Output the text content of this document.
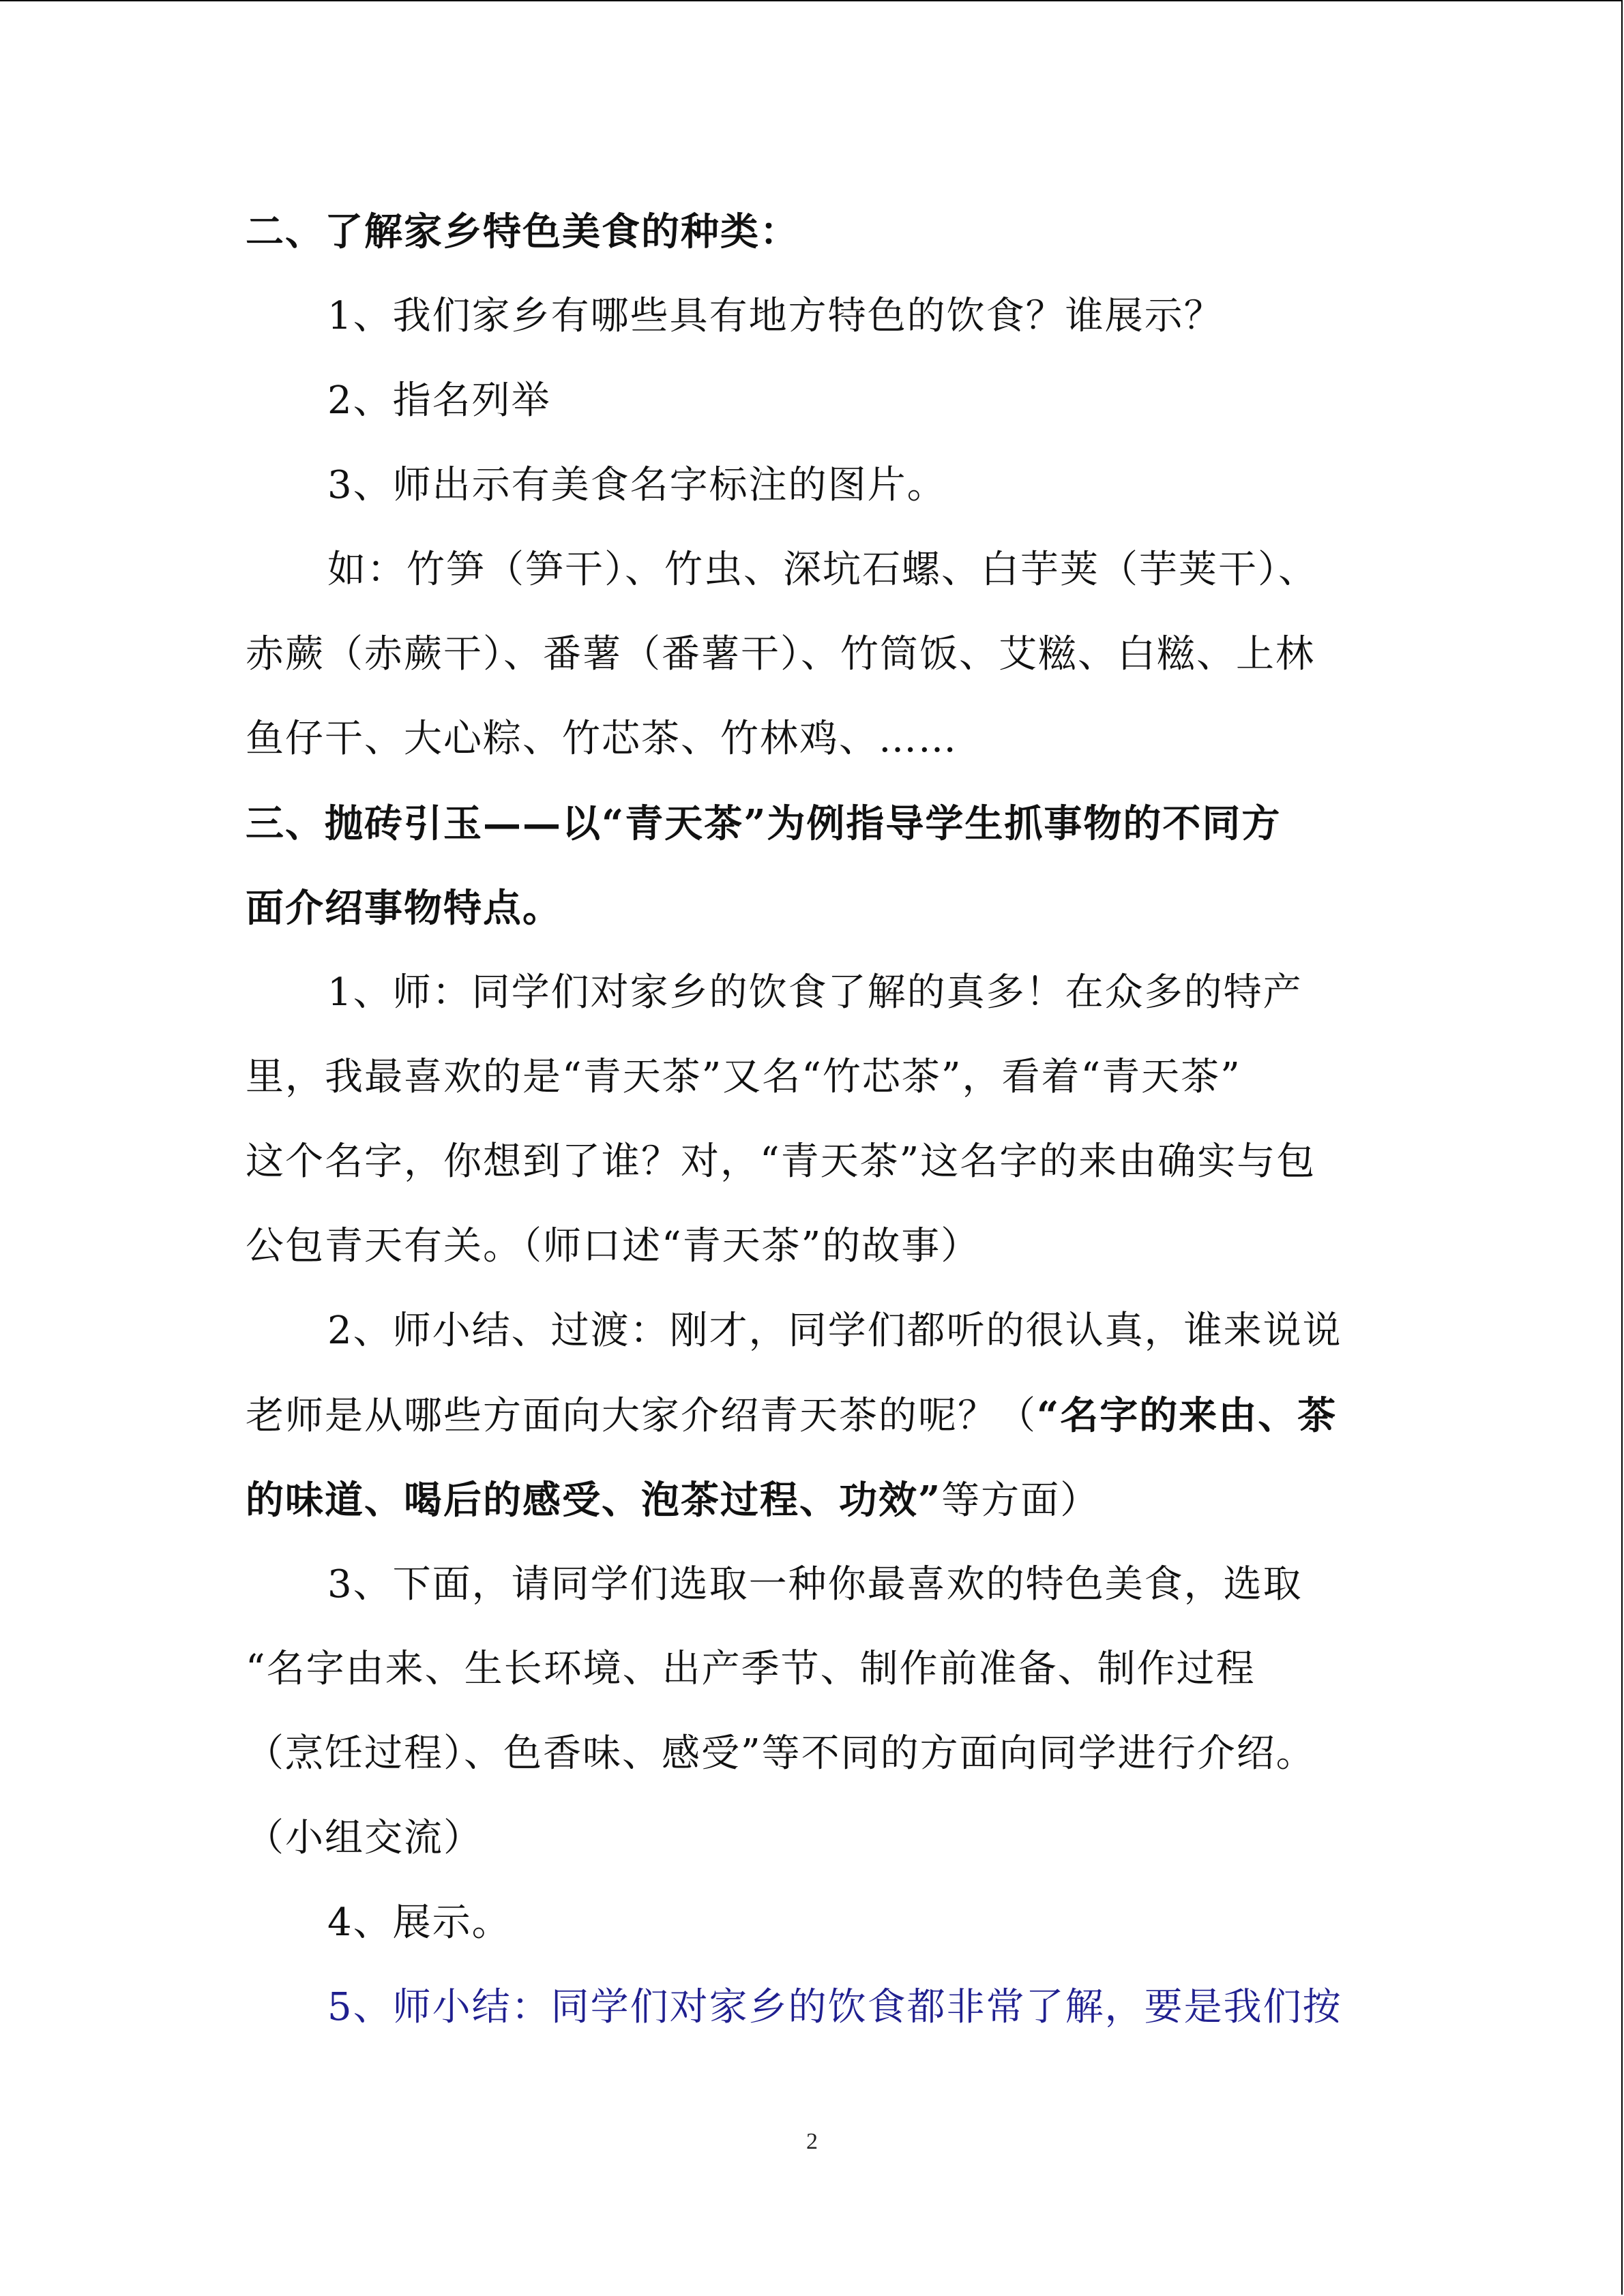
二、了解家乡特色美食的种类：
1、我们家乡有哪些具有地方特色的饮食？谁展示？
2、指名列举
3、师出示有美食名字标注的图片。
如：竹笋（笋干）、竹虫、深坑石螺、白芋荚（芋荚干）、
赤蕨（赤蕨干）、番薯（番薯干）、竹筒饭、艾糍、白糍、上林
鱼仔干、大心粽、竹芯茶、竹林鸡、……
三、抛砖引玉——以“青天茶”为例指导学生抓事物的不同方
面介绍事物特点。
1、师：同学们对家乡的饮食了解的真多！在众多的特产
里，我最喜欢的是“青天茶”又名“竹芯茶”，看着“青天茶”
这个名字，你想到了谁？对，“青天茶”这名字的来由确实与包
公包青天有关。（师口述“青天茶”的故事）
2、师小结、过渡：刚才，同学们都听的很认真，谁来说说
老师是从哪些方面向大家介绍青天茶的呢？（“名字的来由、茶
的味道、喝后的感受、泡茶过程、功效”等方面）
3、下面，请同学们选取一种你最喜欢的特色美食，选取
“名字由来、生长环境、出产季节、制作前准备、制作过程
（烹饪过程）、色香味、感受”等不同的方面向同学进行介绍。
（小组交流）
4、展示。
5、师小结：同学们对家乡的饮食都非常了解，要是我们按
2
